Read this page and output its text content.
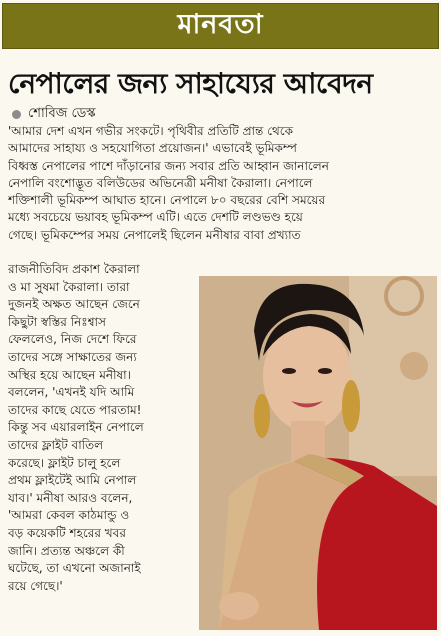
মানবতা
নেপালের জন্য সাহায্যের আবেদন
শোবিজ ডেস্ক
'আমার দেশ এখন গভীর সংকটে। পৃথিবীর প্রতিটি প্রান্ত থেকে
আমাদের সাহায্য ও সহযোগিতা প্রয়োজন।' এভাবেই ভূমিকম্প
বিধ্বস্ত নেপালের পাশে দাঁড়ানোর জন্য সবার প্রতি আহ্বান জানালেন
নেপালি বংশোদ্ভূত বলিউডের অভিনেত্রী মনীষা কৈরালা। নেপালে
শক্তিশালী ভূমিকম্প আঘাত হানে। নেপালে ৮০ বছরের বেশি সময়ের
মধ্যে সবচেয়ে ভয়াবহ ভূমিকম্প এটি। এতে দেশটি লণ্ডভণ্ড হয়ে
গেছে। ভূমিকম্পের সময় নেপালেই ছিলেন মনীষার বাবা প্রখ্যাত
রাজনীতিবিদ প্রকাশ কৈরালা
ও মা সুষমা কৈরালা। তারা
দুজনই অক্ষত আছেন জেনে
কিছুটা স্বস্তির নিঃশ্বাস
ফেললেও, নিজ দেশে ফিরে
তাদের সঙ্গে সাক্ষাতের জন্য
অস্থির হয়ে আছেন মনীষা।
বললেন, 'এখনই যদি আমি
তাদের কাছে যেতে পারতাম!
কিন্তু সব এয়ারলাইন নেপালে
তাদের ফ্লাইট বাতিল
করেছে। ফ্লাইট চালু হলে
প্রথম ফ্লাইটেই আমি নেপাল
যাব।' মনীষা আরও বলেন,
'আমরা কেবল কাঠমান্ডু ও
বড় কয়েকটি শহরের খবর
জানি। প্রত্যন্ত অঞ্চলে কী
ঘটেছে, তা এখনো অজানাই
রয়ে গেছে।'
